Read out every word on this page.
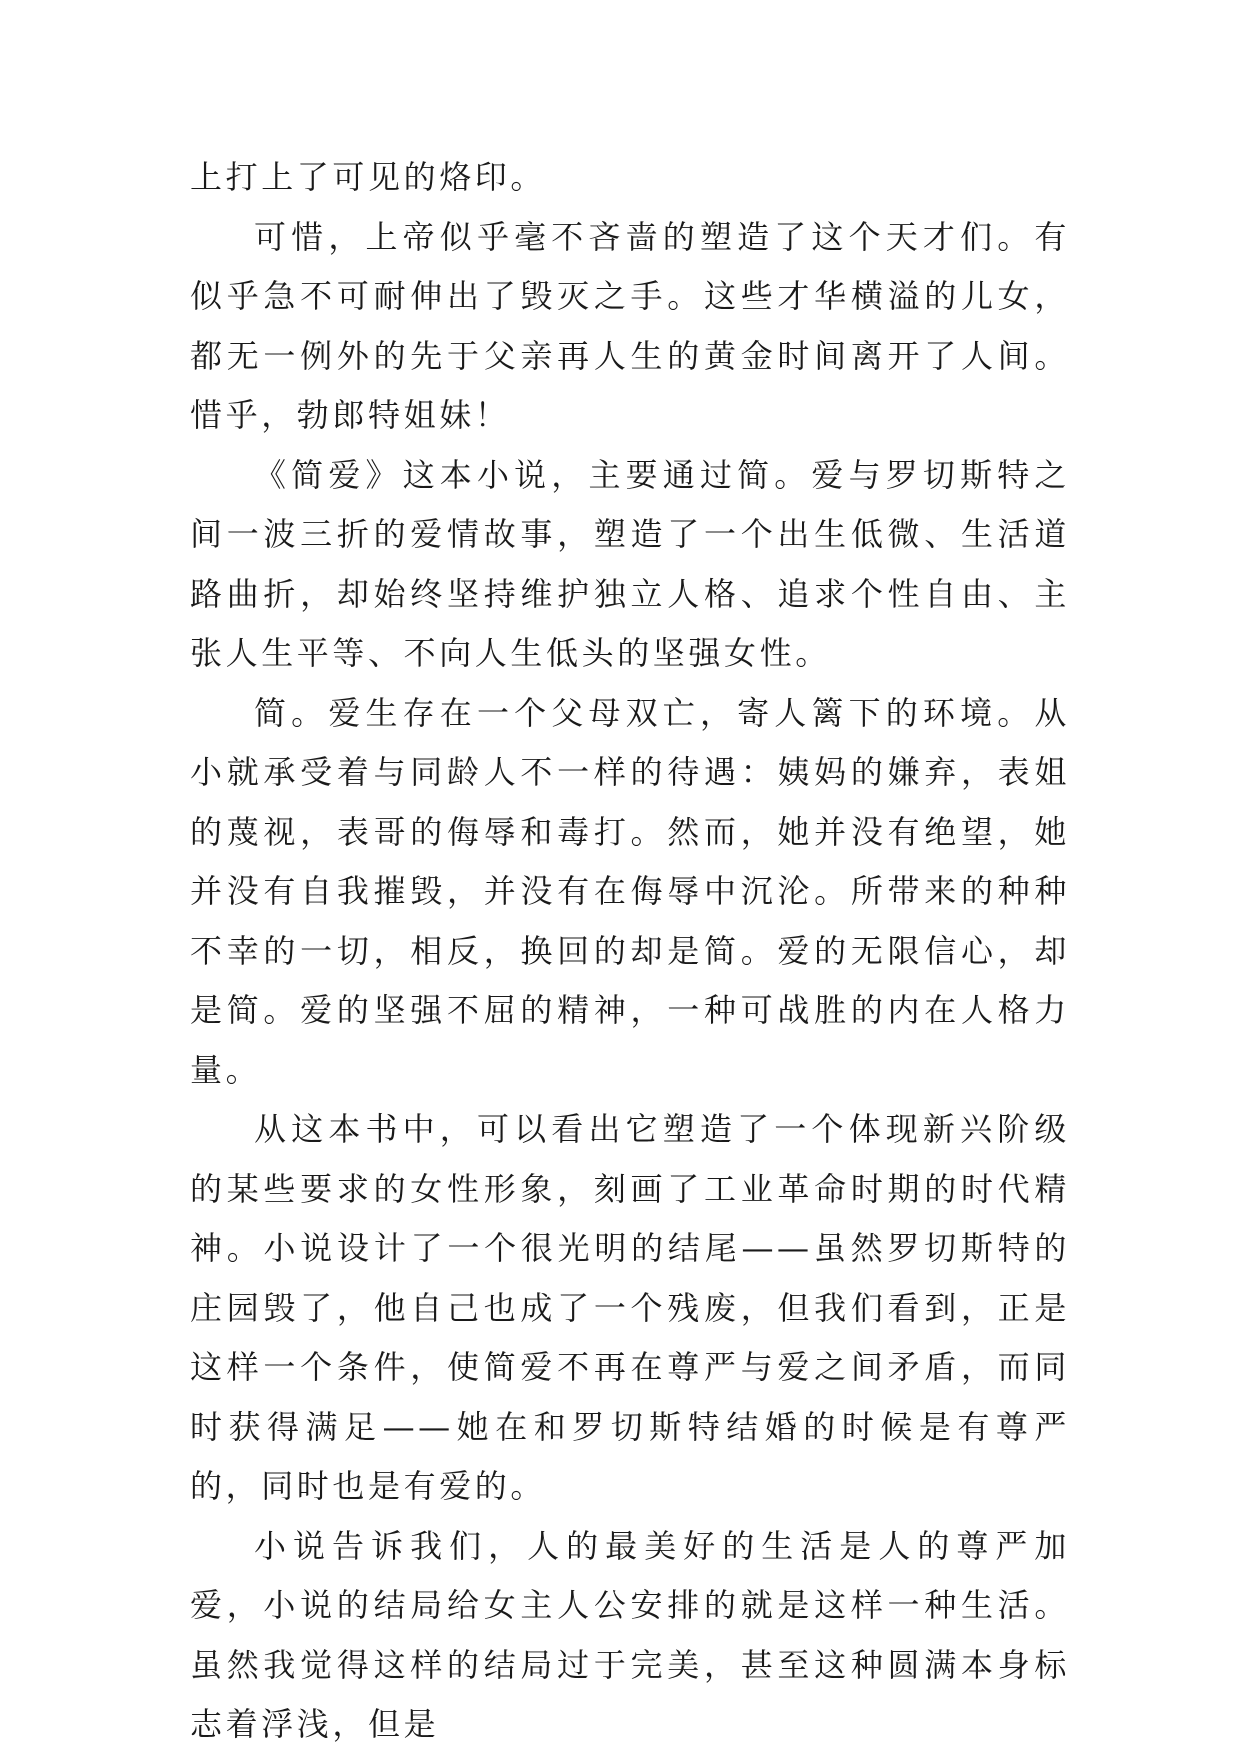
上打上了可见的烙印。

可惜，上帝似乎毫不吝啬的塑造了这个天才们。有似乎急不可耐伸出了毁灭之手。这些才华横溢的儿女，都无一例外的先于父亲再人生的黄金时间离开了人间。惜乎，勃郎特姐妹！

《简爱》这本小说，主要通过简。爱与罗切斯特之间一波三折的爱情故事，塑造了一个出生低微、生活道路曲折，却始终坚持维护独立人格、追求个性自由、主张人生平等、不向人生低头的坚强女性。

简。爱生存在一个父母双亡，寄人篱下的环境。从小就承受着与同龄人不一样的待遇：姨妈的嫌弃，表姐的蔑视，表哥的侮辱和毒打。然而，她并没有绝望，她并没有自我摧毁，并没有在侮辱中沉沦。所带来的种种不幸的一切，相反，换回的却是简。爱的无限信心，却是简。爱的坚强不屈的精神，一种可战胜的内在人格力量。

从这本书中，可以看出它塑造了一个体现新兴阶级的某些要求的女性形象，刻画了工业革命时期的时代精神。小说设计了一个很光明的结尾——虽然罗切斯特的庄园毁了，他自己也成了一个残废，但我们看到，正是这样一个条件，使简爱不再在尊严与爱之间矛盾，而同时获得满足——她在和罗切斯特结婚的时候是有尊严的，同时也是有爱的。

小说告诉我们，人的最美好的生活是人的尊严加爱，小说的结局给女主人公安排的就是这样一种生活。虽然我觉得这样的结局过于完美，甚至这种圆满本身标志着浮浅，但是
